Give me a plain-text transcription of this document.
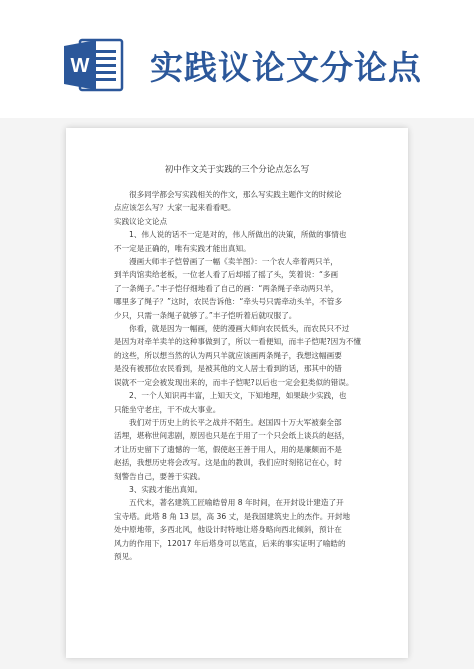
W 实践议论文分论点
初中作文关于实践的三个分论点怎么写

很多同学都会写实践相关的作文，那么写实践主题作文的时候论

点应该怎么写？大家一起来看看吧。

实践议论文论点

1、伟人说的话不一定是对的，伟人所做出的决策，所做的事情也

不一定是正确的，唯有实践才能出真知。

漫画大师丰子恺曾画了一幅《卖羊图》：一个农人牵着两只羊，

到羊肉馆卖给老板，一位老人看了后却摇了摇了头，笑着说：“多画

了一条绳子。”丰子恺仔细地看了自己的画：“两条绳子牵动两只羊，

哪里多了绳子？”这时，农民告诉他：“牵头号只需牵动头羊，不管多

少只，只需一条绳子就够了。”丰子恺听着后就叹服了。

你看，就是因为一幅画，使的漫画大师向农民低头，而农民只不过

是因为对牵羊卖羊的这种事做到了，所以一看便知，而丰子恺呢?因为不懂

的这些，所以想当然的认为两只羊就应该画两条绳子，我想这幅画要

是没有被那位农民看到，是被其他的文人居士看到的话，那其中的错

误就不一定会被发现出来的，而丰子恺呢?以后也一定会犯类似的错误。

2、一个人知识再丰富，上知天文，下知地理，如果缺少实践，也

只能坐守老庄，干不成大事业。

我们对于历史上的长平之战并不陌生。赵国四十万大军被秦全部

活埋，堪称世间悲剧，原因也只是在于用了一个只会纸上谈兵的赵括，

才让历史留下了遗憾的一笔，假使赵王善于用人，用的是廉颇而不是

赵括，我想历史将会改写。这是血的教训，我们应时刻铭记在心，时

刻警告自己，要善于实践。

3、实践才能出真知。

五代末，著名建筑工匠喻皓曾用 8 年时间，在开封设计建造了开

宝寺塔。此塔 8 角 13 层，高 36 丈，是我国建筑史上的杰作。开封地

处中原地带，多西北风，他设计时特地让塔身略向西北倾斜，预计在

风力的作用下，12017 年后塔身可以笔直，后来的事实证明了喻皓的

预见。
